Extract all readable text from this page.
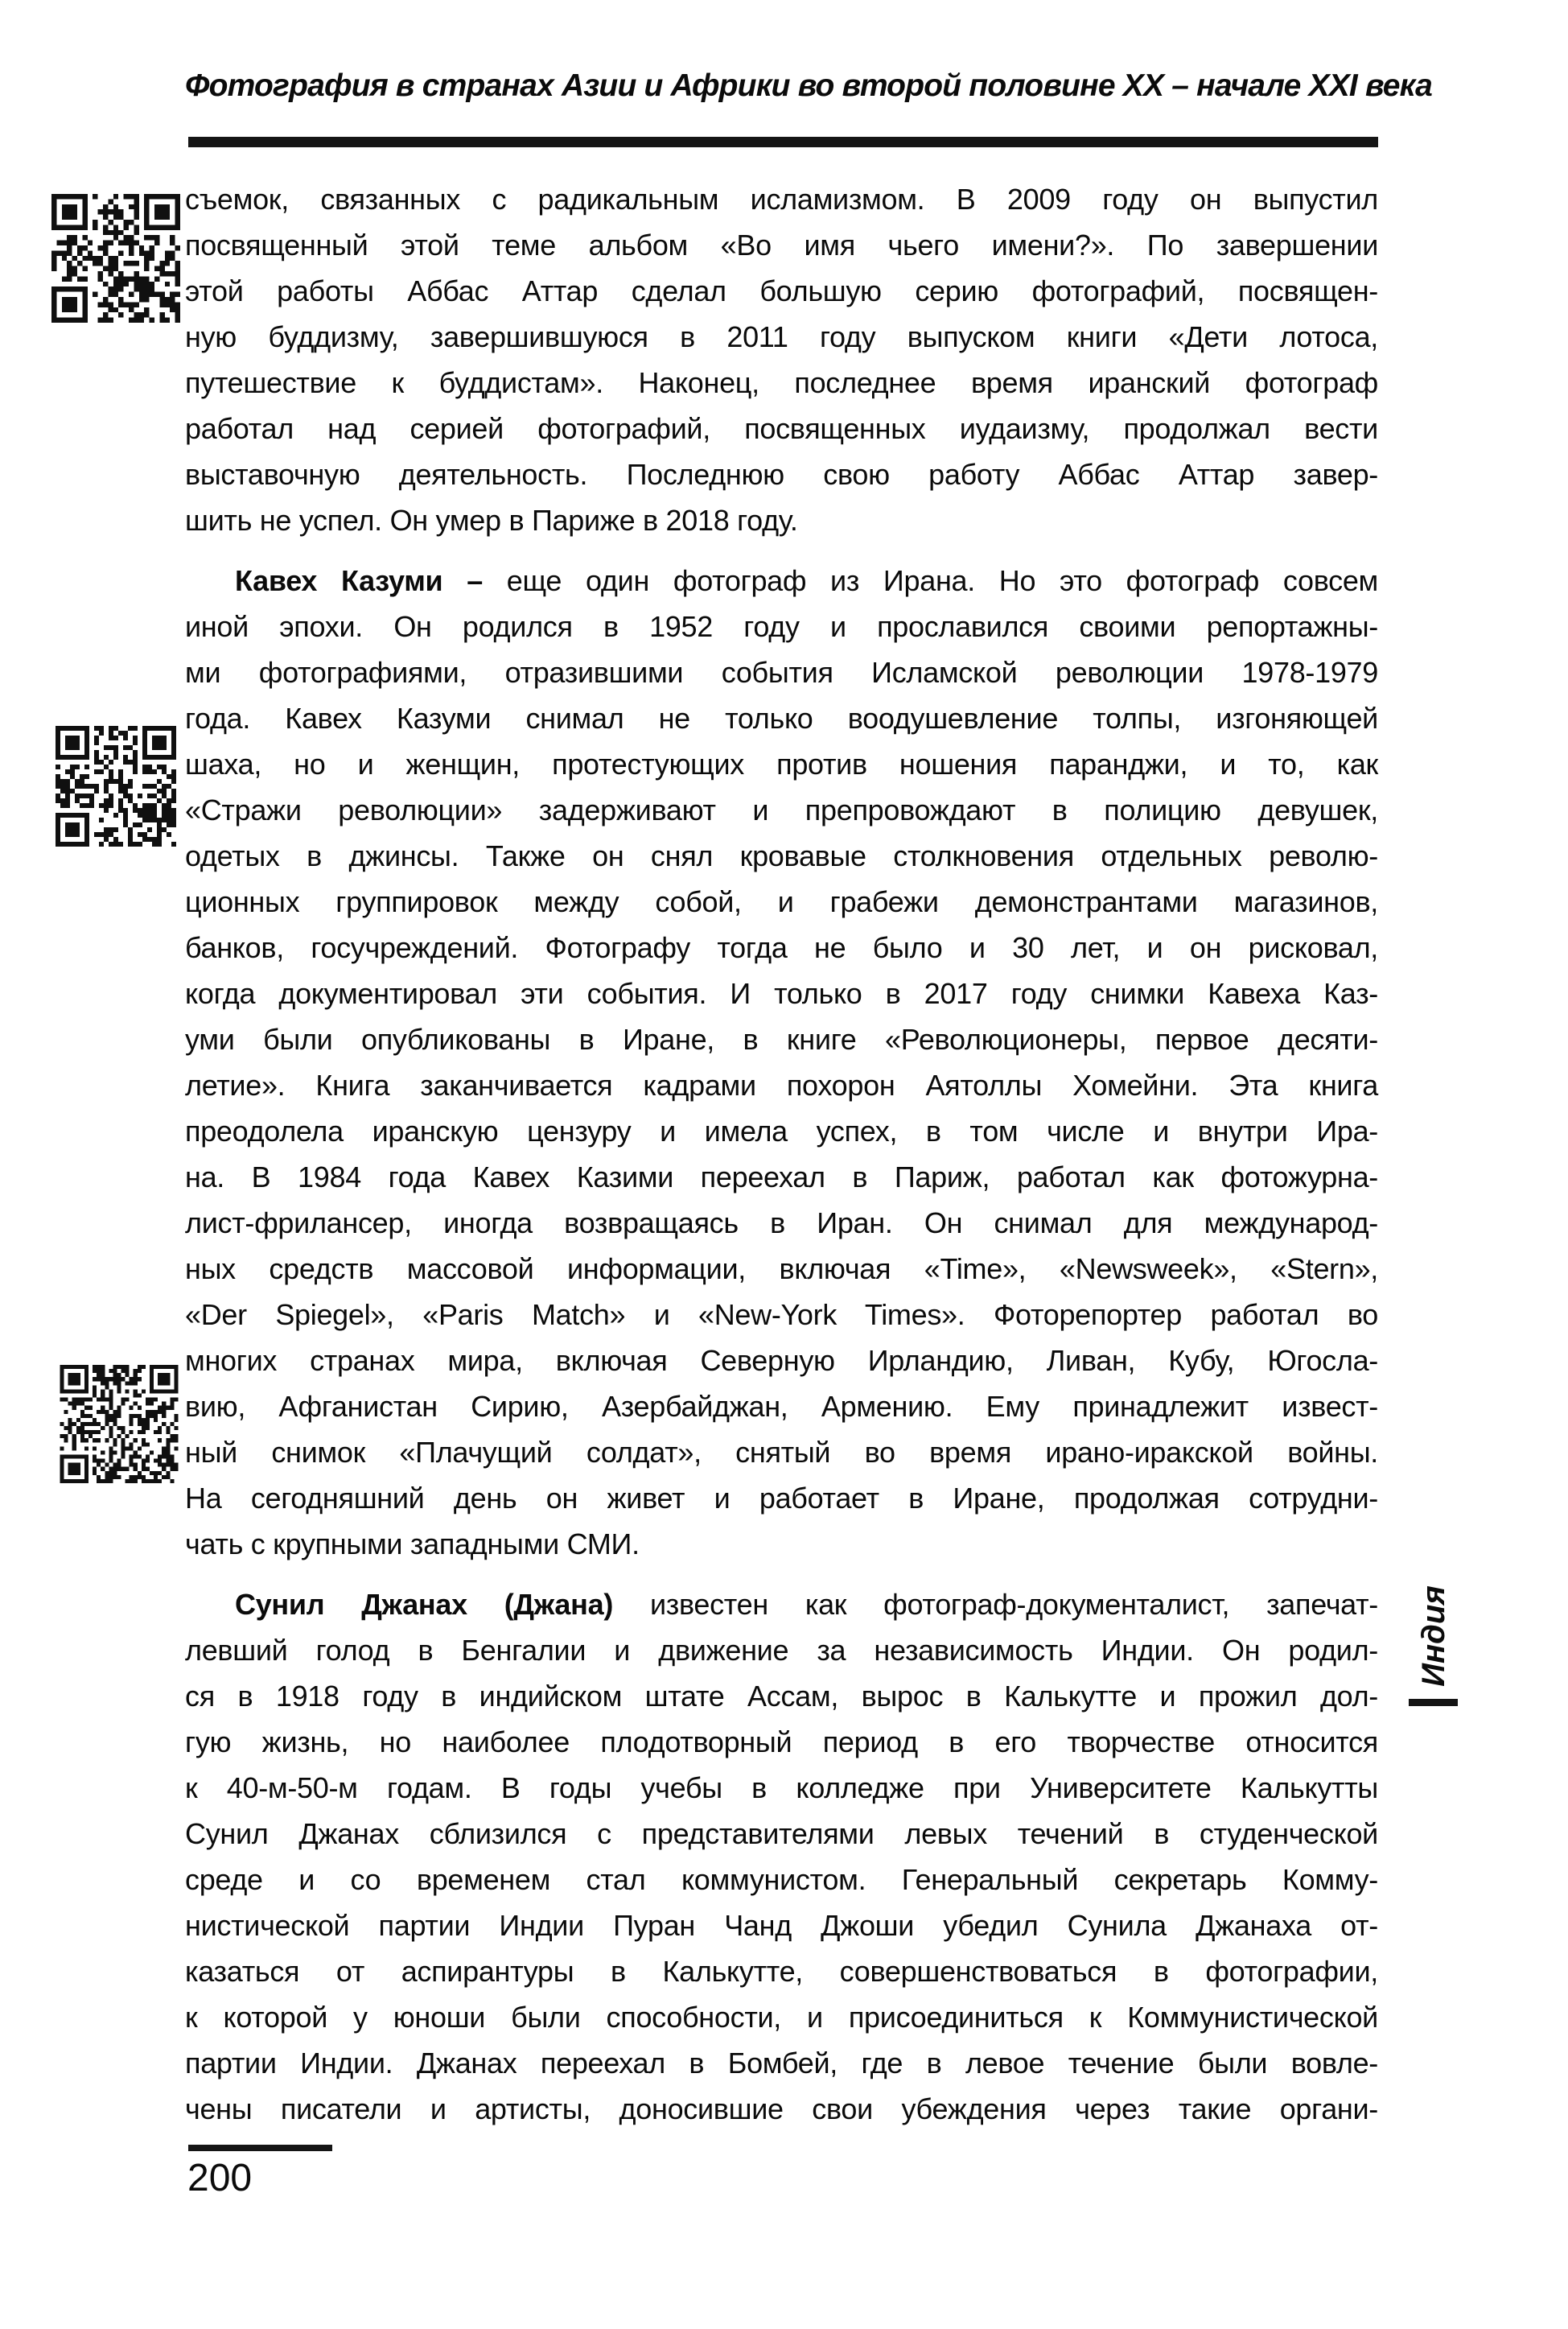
Фотография в странах Азии и Африки во второй половине XX – начале XXI века
съемок, связанных с радикальным исламизмом. В 2009 году он выпустил
посвященный этой теме альбом «Во имя чьего имени?». По завершении
этой работы Аббас Аттар сделал большую серию фотографий, посвящен-
ную буддизму, завершившуюся в 2011 году выпуском книги «Дети лотоса,
путешествие к буддистам». Наконец, последнее время иранский фотограф
работал над серией фотографий, посвященных иудаизму, продолжал вести
выставочную деятельность. Последнюю свою работу Аббас Аттар завер-
шить не успел. Он умер в Париже в 2018 году.
Кавех Казуми – еще один фотограф из Ирана. Но это фотограф совсем
иной эпохи. Он родился в 1952 году и прославился своими репортажны-
ми фотографиями, отразившими события Исламской революции 1978-1979
года. Кавех Казуми снимал не только воодушевление толпы, изгоняющей
шаха, но и женщин, протестующих против ношения паранджи, и то, как
«Стражи революции» задерживают и препровождают в полицию девушек,
одетых в джинсы. Также он снял кровавые столкновения отдельных револю-
ционных группировок между собой, и грабежи демонстрантами магазинов,
банков, госучреждений. Фотографу тогда не было и 30 лет, и он рисковал,
когда документировал эти события. И только в 2017 году снимки Кавеха Каз-
уми были опубликованы в Иране, в книге «Революционеры, первое десяти-
летие». Книга заканчивается кадрами похорон Аятоллы Хомейни. Эта книга
преодолела иранскую цензуру и имела успех, в том числе и внутри Ира-
на. В 1984 года Кавех Казими переехал в Париж, работал как фотожурна-
лист-фрилансер, иногда возвращаясь в Иран. Он снимал для международ-
ных средств массовой информации, включая «Time», «Newsweek», «Stern»,
«Der Spiegel», «Paris Match» и «New-York Times». Фоторепортер работал во
многих странах мира, включая Северную Ирландию, Ливан, Кубу, Югосла-
вию, Афганистан Сирию, Азербайджан, Армению. Ему принадлежит извест-
ный снимок «Плачущий солдат», снятый во время ирано-иракской войны.
На сегодняшний день он живет и работает в Иране, продолжая сотрудни-
чать с крупными западными СМИ.
Сунил Джанах (Джана) известен как фотограф-документалист, запечат-
левший голод в Бенгалии и движение за независимость Индии. Он родил-
ся в 1918 году в индийском штате Ассам, вырос в Калькутте и прожил дол-
гую жизнь, но наиболее плодотворный период в его творчестве относится
к 40-м-50-м годам. В годы учебы в колледже при Университете Калькутты
Сунил Джанах сблизился с представителями левых течений в студенческой
среде и со временем стал коммунистом. Генеральный секретарь Комму-
нистической партии Индии Пуран Чанд Джоши убедил Сунила Джанаха от-
казаться от аспирантуры в Калькутте, совершенствоваться в фотографии,
к которой у юноши были способности, и присоединиться к Коммунистической
партии Индии. Джанах переехал в Бомбей, где в левое течение были вовле-
чены писатели и артисты, доносившие свои убеждения через такие органи-
Индия
200
